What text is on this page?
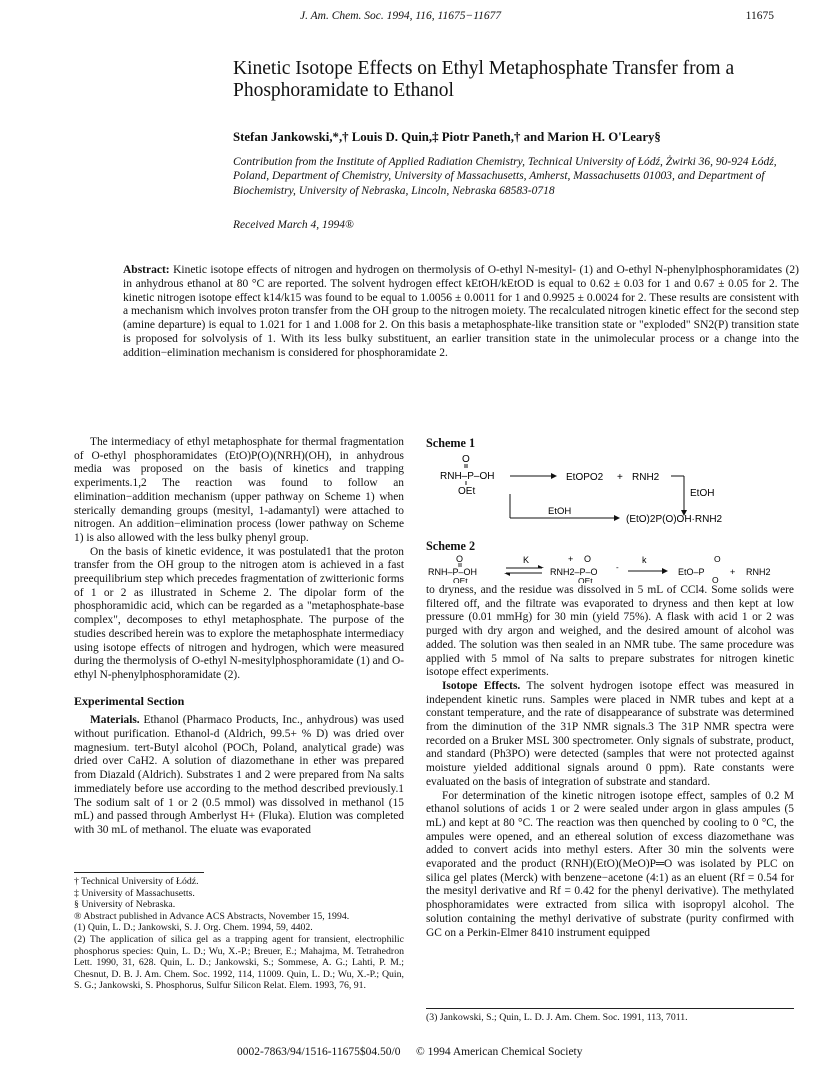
J. Am. Chem. Soc. 1994, 116, 11675−11677	11675
Kinetic Isotope Effects on Ethyl Metaphosphate Transfer from a Phosphoramidate to Ethanol
Stefan Jankowski,*,† Louis D. Quin,‡ Piotr Paneth,† and Marion H. O'Leary§
Contribution from the Institute of Applied Radiation Chemistry, Technical University of Łódź, Żwirki 36, 90-924 Łódź, Poland, Department of Chemistry, University of Massachusetts, Amherst, Massachusetts 01003, and Department of Biochemistry, University of Nebraska, Lincoln, Nebraska 68583-0718
Received March 4, 1994®
Abstract: Kinetic isotope effects of nitrogen and hydrogen on thermolysis of O-ethyl N-mesityl- (1) and O-ethyl N-phenylphosphoramidates (2) in anhydrous ethanol at 80 °C are reported. The solvent hydrogen effect kEtOH/kEtOD is equal to 0.62 ± 0.03 for 1 and 0.67 ± 0.05 for 2. The kinetic nitrogen isotope effect k14/k15 was found to be equal to 1.0056 ± 0.0011 for 1 and 0.9925 ± 0.0024 for 2. These results are consistent with a mechanism which involves proton transfer from the OH group to the nitrogen moiety. The recalculated nitrogen kinetic effect for the second step (amine departure) is equal to 1.021 for 1 and 1.008 for 2. On this basis a metaphosphate-like transition state or "exploded" SN2(P) transition state is proposed for solvolysis of 1. With its less bulky substituent, an earlier transition state in the unimolecular process or a change into the addition−elimination mechanism is considered for phosphoramidate 2.

The intermediacy of ethyl metaphosphate for thermal fragmentation of O-ethyl phosphoramidates (EtO)P(O)(NRH)(OH), in anhydrous media was proposed on the basis of kinetics and trapping experiments.1,2 The reaction was found to follow an elimination−addition mechanism (upper pathway on Scheme 1) when sterically demanding groups (mesityl, 1-adamantyl) were attached to nitrogen. An addition−elimination process (lower pathway on Scheme 1) is also allowed with the less bulky phenyl group.

On the basis of kinetic evidence, it was postulated1 that the proton transfer from the OH group to the nitrogen atom is achieved in a fast preequilibrium step which precedes fragmentation of zwitterionic forms of 1 or 2 as illustrated in Scheme 2. The dipolar form of the phosphoramidic acid, which can be regarded as a "metaphosphate-base complex", decomposes to ethyl metaphosphate. The purpose of the studies described herein was to explore the metaphosphate intermediacy using isotope effects of nitrogen and hydrogen, which were measured during the thermolysis of O-ethyl N-mesitylphosphoramidate (1) and O-ethyl N-phenylphosphoramidate (2).

Experimental Section

Materials. Ethanol (Pharmaco Products, Inc., anhydrous) was used without purification. Ethanol-d (Aldrich, 99.5+ % D) was dried over magnesium. tert-Butyl alcohol (POCh, Poland, analytical grade) was dried over CaH2. A solution of diazomethane in ether was prepared from Diazald (Aldrich). Substrates 1 and 2 were prepared from Na salts immediately before use according to the method described previously.1 The sodium salt of 1 or 2 (0.5 mmol) was dissolved in methanol (15 mL) and passed through Amberlyst H+ (Fluka). Elution was completed with 30 mL of methanol. The eluate was evaporated

† Technical University of Łódź.
‡ University of Massachusetts.
§ University of Nebraska.
® Abstract published in Advance ACS Abstracts, November 15, 1994.
(1) Quin, L. D.; Jankowski, S. J. Org. Chem. 1994, 59, 4402.
(2) The application of silica gel as a trapping agent for transient, electrophilic phosphorus species: Quin, L. D.; Wu, X.-P.; Breuer, E.; Mahajma, M. Tetrahedron Lett. 1990, 31, 628. Quin, L. D.; Jankowski, S.; Sommese, A. G.; Lahti, P. M.; Chesnut, D. B. J. Am. Chem. Soc. 1992, 114, 11009. Quin, L. D.; Wu, X.-P.; Quin, S. G.; Jankowski, S. Phosphorus, Sulfur Silicon Relat. Elem. 1993, 76, 91.
Scheme 1
O
RNH–P–OH
OEt
EtOPO2 + RNH2
EtOH
EtOH
(EtO)2P(O)OH·RNH2
Scheme 2
O
RNH–P–OH
OEt
K	+ O
RNH2–P–O -
OEt
k
EtO–P
O
O
+ RNH2

to dryness, and the residue was dissolved in 5 mL of CCl4. Some solids were filtered off, and the filtrate was evaporated to dryness and then kept at low pressure (0.01 mmHg) for 30 min (yield 75%). A flask with acid 1 or 2 was purged with dry argon and weighed, and the desired amount of alcohol was added. The solution was then sealed in an NMR tube. The same procedure was applied with 5 mmol of Na salts to prepare substrates for nitrogen kinetic isotope effect experiments.

Isotope Effects. The solvent hydrogen isotope effect was measured in independent kinetic runs. Samples were placed in NMR tubes and kept at a constant temperature, and the rate of disappearance of substrate was determined from the diminution of the 31P NMR signals.3 The 31P NMR spectra were recorded on a Bruker MSL 300 spectrometer. Only signals of substrate, product, and standard (Ph3PO) were detected (samples that were not protected against moisture yielded additional signals around 0 ppm). Rate constants were evaluated on the basis of integration of substrate and standard.

For determination of the kinetic nitrogen isotope effect, samples of 0.2 M ethanol solutions of acids 1 or 2 were sealed under argon in glass ampules (5 mL) and kept at 80 °C. The reaction was then quenched by cooling to 0 °C, the ampules were opened, and an ethereal solution of excess diazomethane was added to convert acids into methyl esters. After 30 min the solvents were evaporated and the product (RNH)(EtO)(MeO)P═O was isolated by PLC on silica gel plates (Merck) with benzene−acetone (4:1) as an eluent (Rf = 0.54 for the mesityl derivative and Rf = 0.42 for the phenyl derivative). The methylated phosphoramidates were extracted from silica with isopropyl alcohol. The solution containing the methyl derivative of substrate (purity confirmed with GC on a Perkin-Elmer 8410 instrument equipped

(3) Jankowski, S.; Quin, L. D. J. Am. Chem. Soc. 1991, 113, 7011.
0002-7863/94/1516-11675$04.50/0 © 1994 American Chemical Society
